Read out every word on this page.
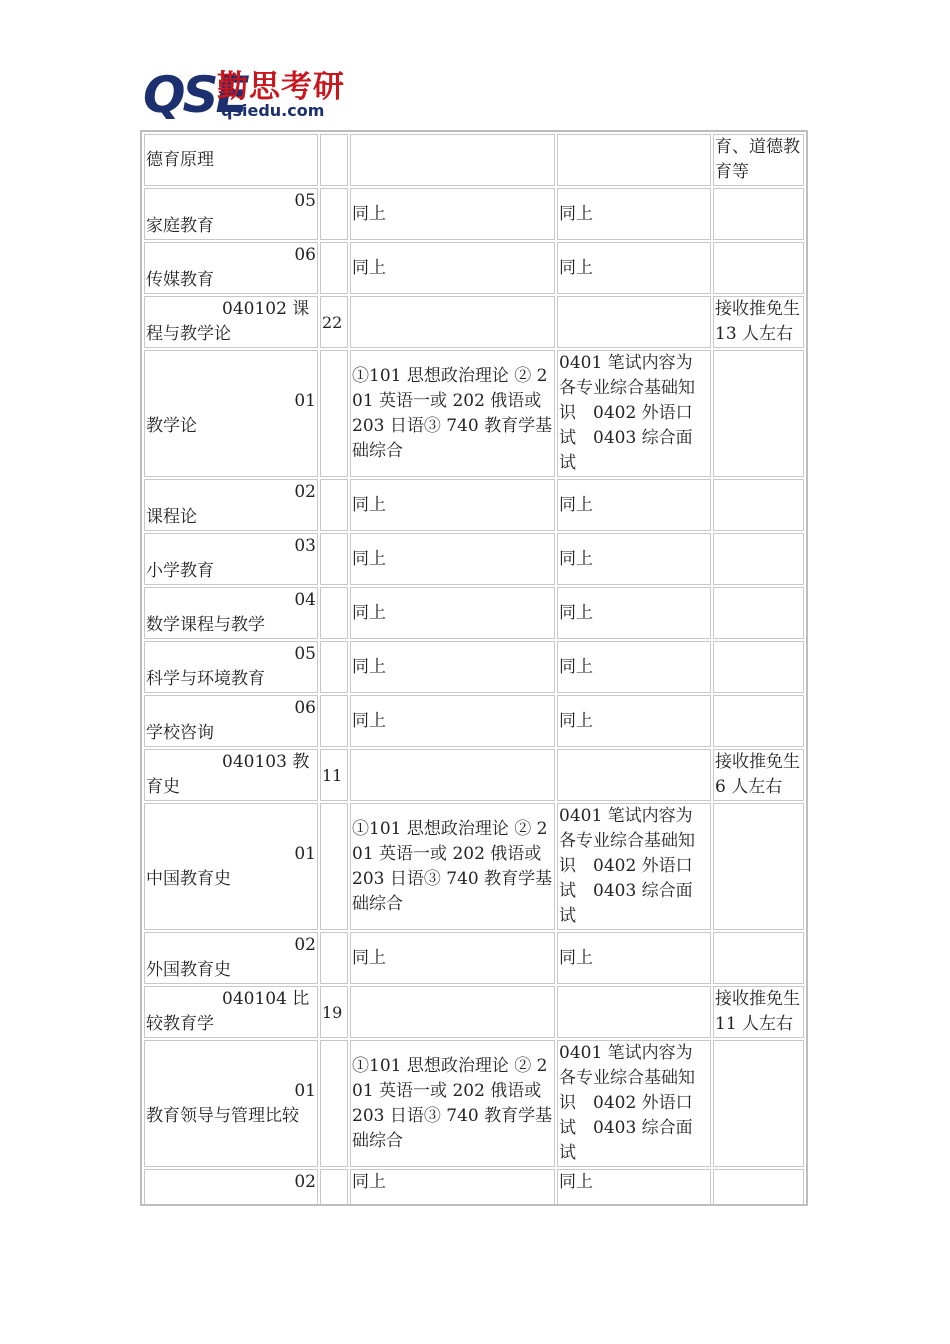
QSE
勤思考研
qsiedu.com
德育原理				育、道德教育等

05
家庭教育		同上	同上	

06
传媒教育		同上	同上	

040102 课
程与教学论	22			接收推免生 13 人左右

01
教学论		①101 思想政治理论 ② 201 英语一或 202 俄语或 203 日语③ 740 教育学基础综合	0401 笔试内容为各专业综合基础知识　0402 外语口试　0403 综合面试	

02
课程论		同上	同上	

03
小学教育		同上	同上	

04
数学课程与教学		同上	同上	

05
科学与环境教育		同上	同上	

06
学校咨询		同上	同上	

040103 教
育史	11			接收推免生 6 人左右

01
中国教育史		①101 思想政治理论 ② 201 英语一或 202 俄语或 203 日语③ 740 教育学基础综合	0401 笔试内容为各专业综合基础知识　0402 外语口试　0403 综合面试	

02
外国教育史		同上	同上	

040104 比
较教育学	19			接收推免生 11 人左右

01
教育领导与管理比较		①101 思想政治理论 ② 201 英语一或 202 俄语或 203 日语③ 740 教育学基础综合	0401 笔试内容为各专业综合基础知识　0402 外语口试　0403 综合面试	

02		同上	同上	
